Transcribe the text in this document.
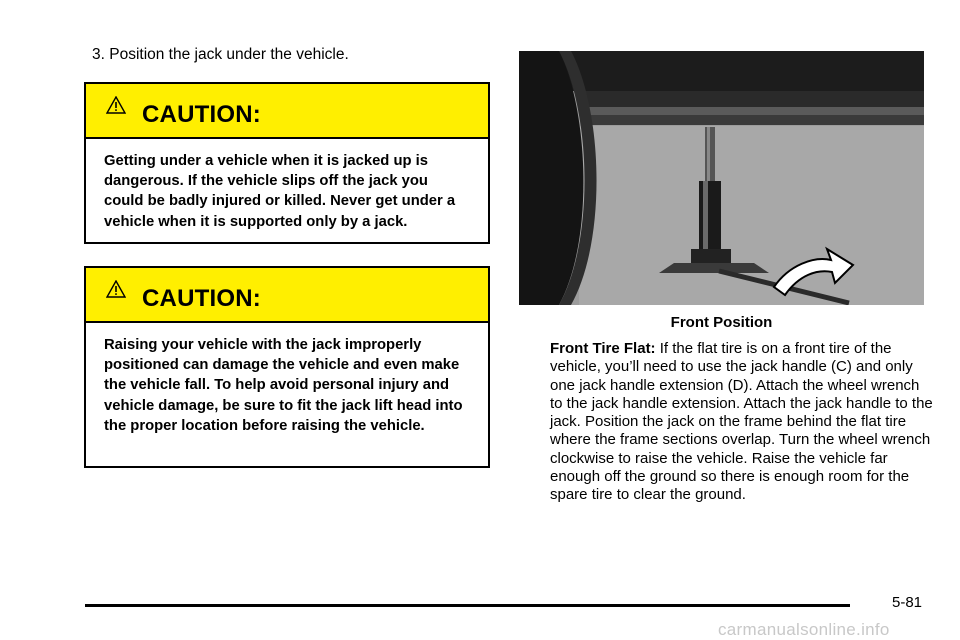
3. Position the jack under the vehicle.
CAUTION:
Getting under a vehicle when it is jacked up is dangerous. If the vehicle slips off the jack you could be badly injured or killed. Never get under a vehicle when it is supported only by a jack.
CAUTION:
Raising your vehicle with the jack improperly positioned can damage the vehicle and even make the vehicle fall. To help avoid personal injury and vehicle damage, be sure to fit the jack lift head into the proper location before raising the vehicle.
Front Position
Front Tire Flat: If the flat tire is on a front tire of the vehicle, you’ll need to use the jack handle (C) and only one jack handle extension (D). Attach the wheel wrench to the jack handle extension. Attach the jack handle to the jack. Position the jack on the frame behind the flat tire where the frame sections overlap. Turn the wheel wrench clockwise to raise the vehicle. Raise the vehicle far enough off the ground so there is enough room for the spare tire to clear the ground.
5-81
carmanualsonline.info
